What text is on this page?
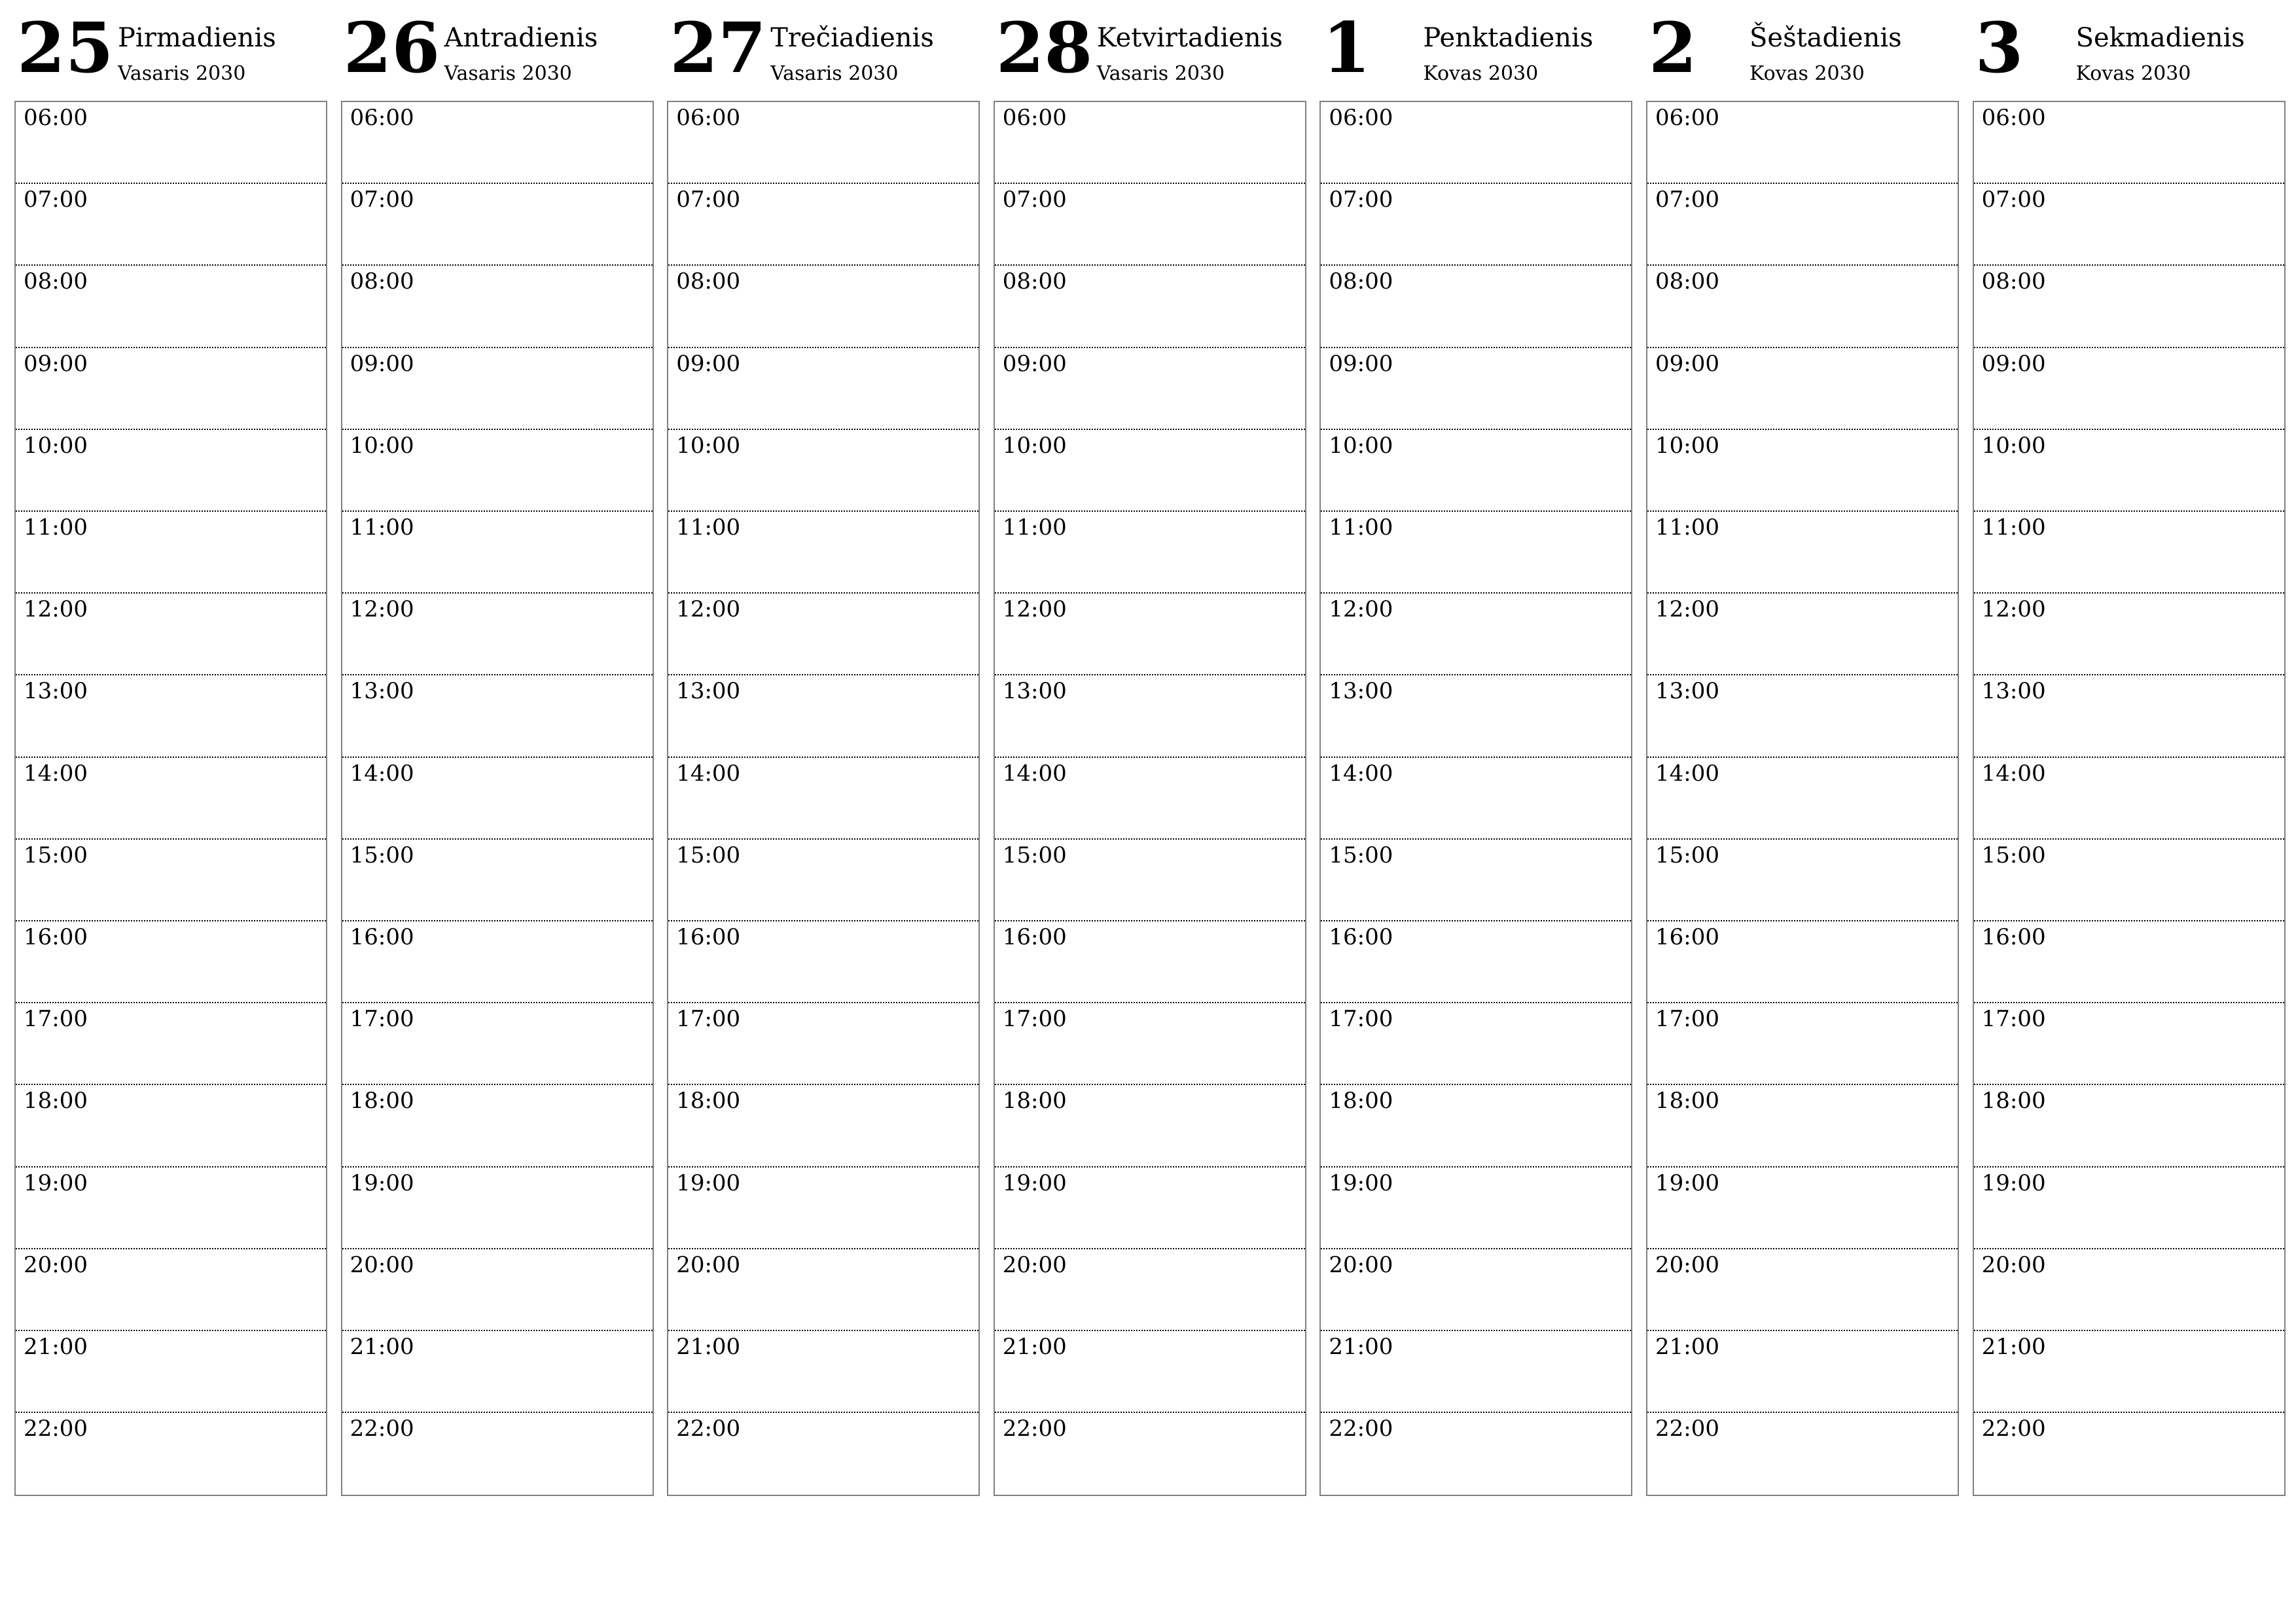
25 Pirmadienis
Vasaris 2030
06:00
07:00
08:00
09:00
10:00
11:00
12:00
13:00
14:00
15:00
16:00
17:00
18:00
19:00
20:00
21:00
22:00
26 Antradienis
Vasaris 2030
06:00
07:00
08:00
09:00
10:00
11:00
12:00
13:00
14:00
15:00
16:00
17:00
18:00
19:00
20:00
21:00
22:00
27 Trečiadienis
Vasaris 2030
06:00
07:00
08:00
09:00
10:00
11:00
12:00
13:00
14:00
15:00
16:00
17:00
18:00
19:00
20:00
21:00
22:00
28 Ketvirtadienis
Vasaris 2030
06:00
07:00
08:00
09:00
10:00
11:00
12:00
13:00
14:00
15:00
16:00
17:00
18:00
19:00
20:00
21:00
22:00
1 Penktadienis
Kovas 2030
06:00
07:00
08:00
09:00
10:00
11:00
12:00
13:00
14:00
15:00
16:00
17:00
18:00
19:00
20:00
21:00
22:00
2 Šeštadienis
Kovas 2030
06:00
07:00
08:00
09:00
10:00
11:00
12:00
13:00
14:00
15:00
16:00
17:00
18:00
19:00
20:00
21:00
22:00
3 Sekmadienis
Kovas 2030
06:00
07:00
08:00
09:00
10:00
11:00
12:00
13:00
14:00
15:00
16:00
17:00
18:00
19:00
20:00
21:00
22:00
